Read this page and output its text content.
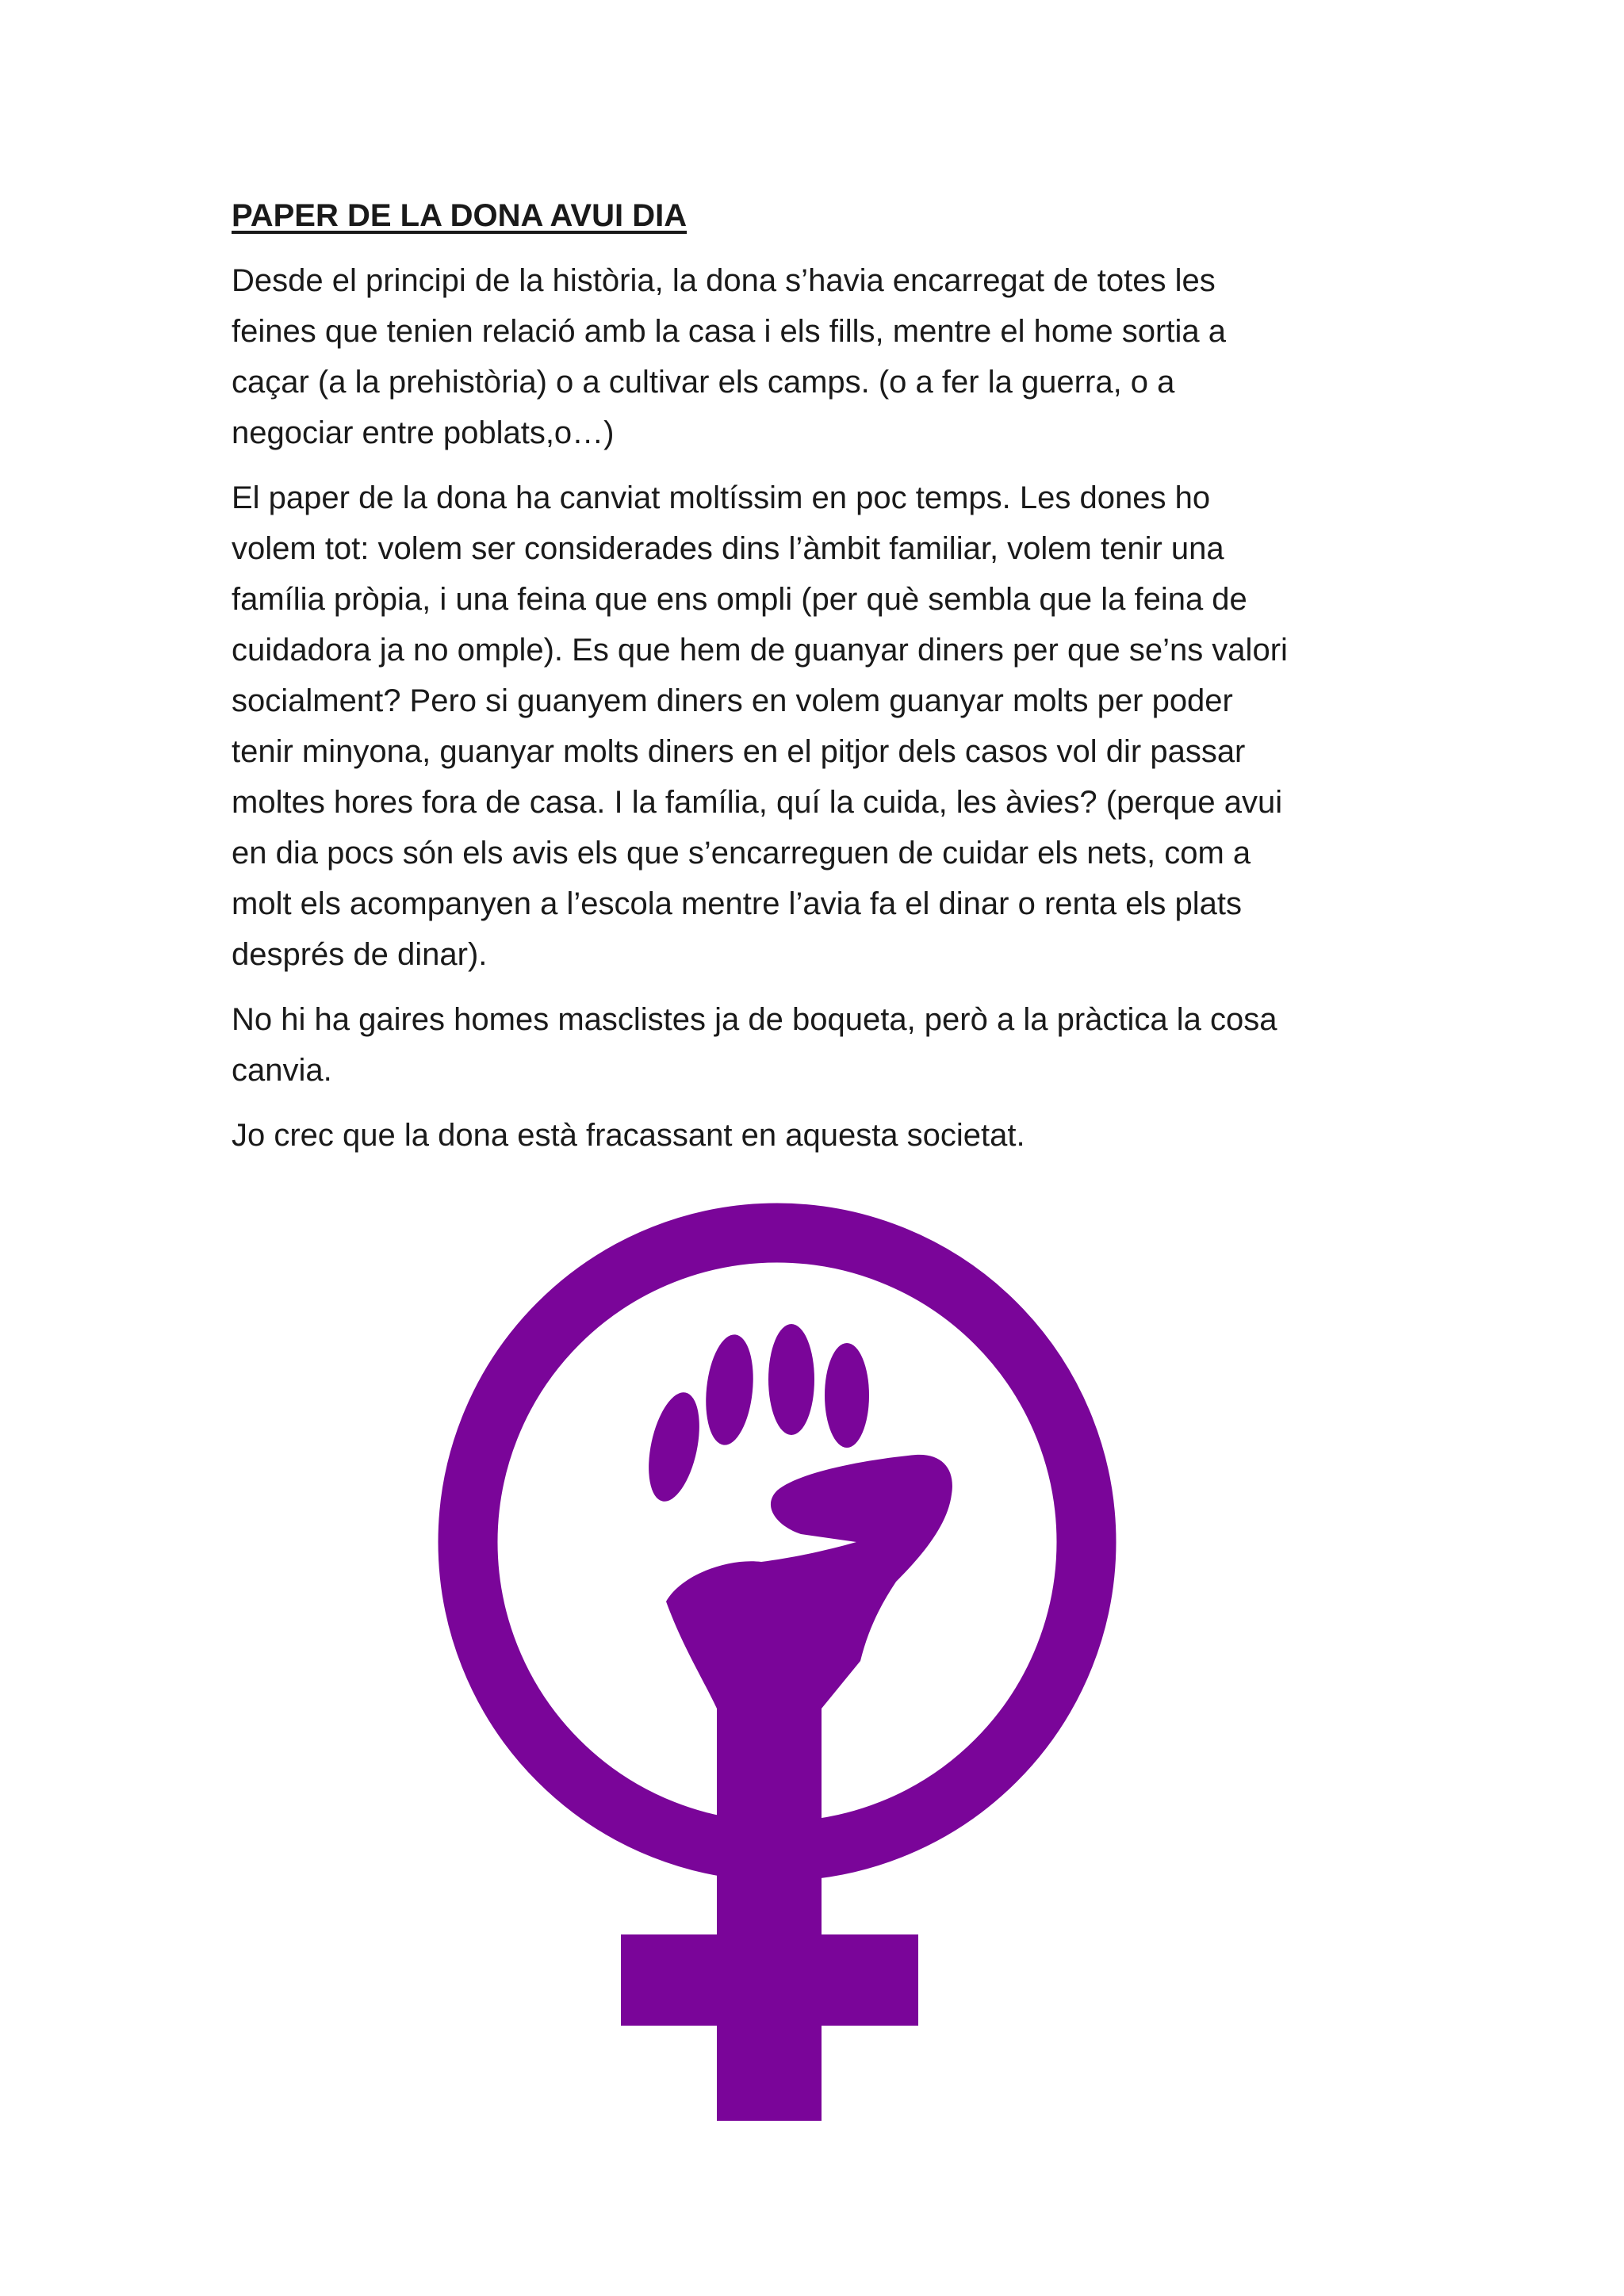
PAPER DE LA DONA AVUI DIA
Desde el principi de la història, la dona s’havia encarregat de totes les
feines que tenien relació amb la casa i els fills, mentre el home sortia a
caçar (a la prehistòria) o a cultivar els camps. (o a fer la guerra, o a
negociar entre poblats,o…)
El paper de la dona ha canviat moltíssim en poc temps. Les dones ho
volem tot: volem ser considerades dins l’àmbit familiar, volem tenir una
família pròpia, i una feina que ens ompli (per què sembla que la feina de
cuidadora ja no omple). Es que hem de guanyar diners per que se’ns valori
socialment? Pero si guanyem diners en volem guanyar molts per poder
tenir minyona, guanyar molts diners en el pitjor dels casos vol dir passar
moltes hores fora de casa. I la família, quí la cuida, les àvies? (perque avui
en dia pocs són els avis els que s’encarreguen de cuidar els nets, com a
molt els acompanyen a l’escola mentre l’avia fa el dinar o renta els plats
després de dinar).
No hi ha gaires homes masclistes ja de boqueta, però a la pràctica la cosa
canvia.
Jo crec que la dona està fracassant en aquesta societat.
